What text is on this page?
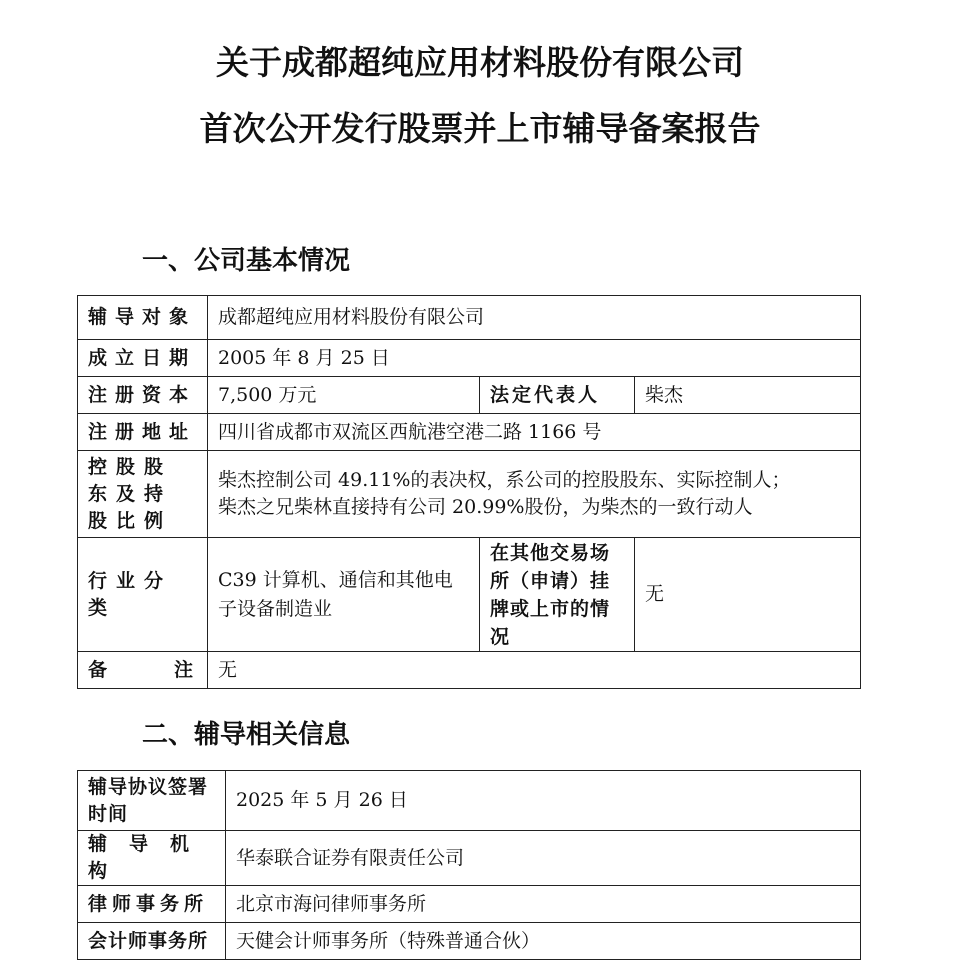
关于成都超纯应用材料股份有限公司
首次公开发行股票并上市辅导备案报告
一、公司基本情况
辅导对象	成都超纯应用材料股份有限公司		
成立日期	2005 年 8 月 25 日		
注册资本	7,500 万元	法定代表人	柴杰
注册地址	四川省成都市双流区西航港空港二路 1166 号		
控股股东及持股比例	柴杰控制公司 49.11%的表决权，系公司的控股股东、实际控制人；
柴杰之兄柴林直接持有公司 20.99%股份，为柴杰的一致行动人		

行业分类	C39 计算机、通信和其他电子设备制造业	在其他交易场所（申请）挂牌或上市的情况	无

备 注	无		
二、辅导相关信息
辅导协议签署时间	2025 年 5 月 26 日
辅导机构	华泰联合证券有限责任公司
律师事务所	北京市海问律师事务所
会计师事务所	天健会计师事务所（特殊普通合伙）
